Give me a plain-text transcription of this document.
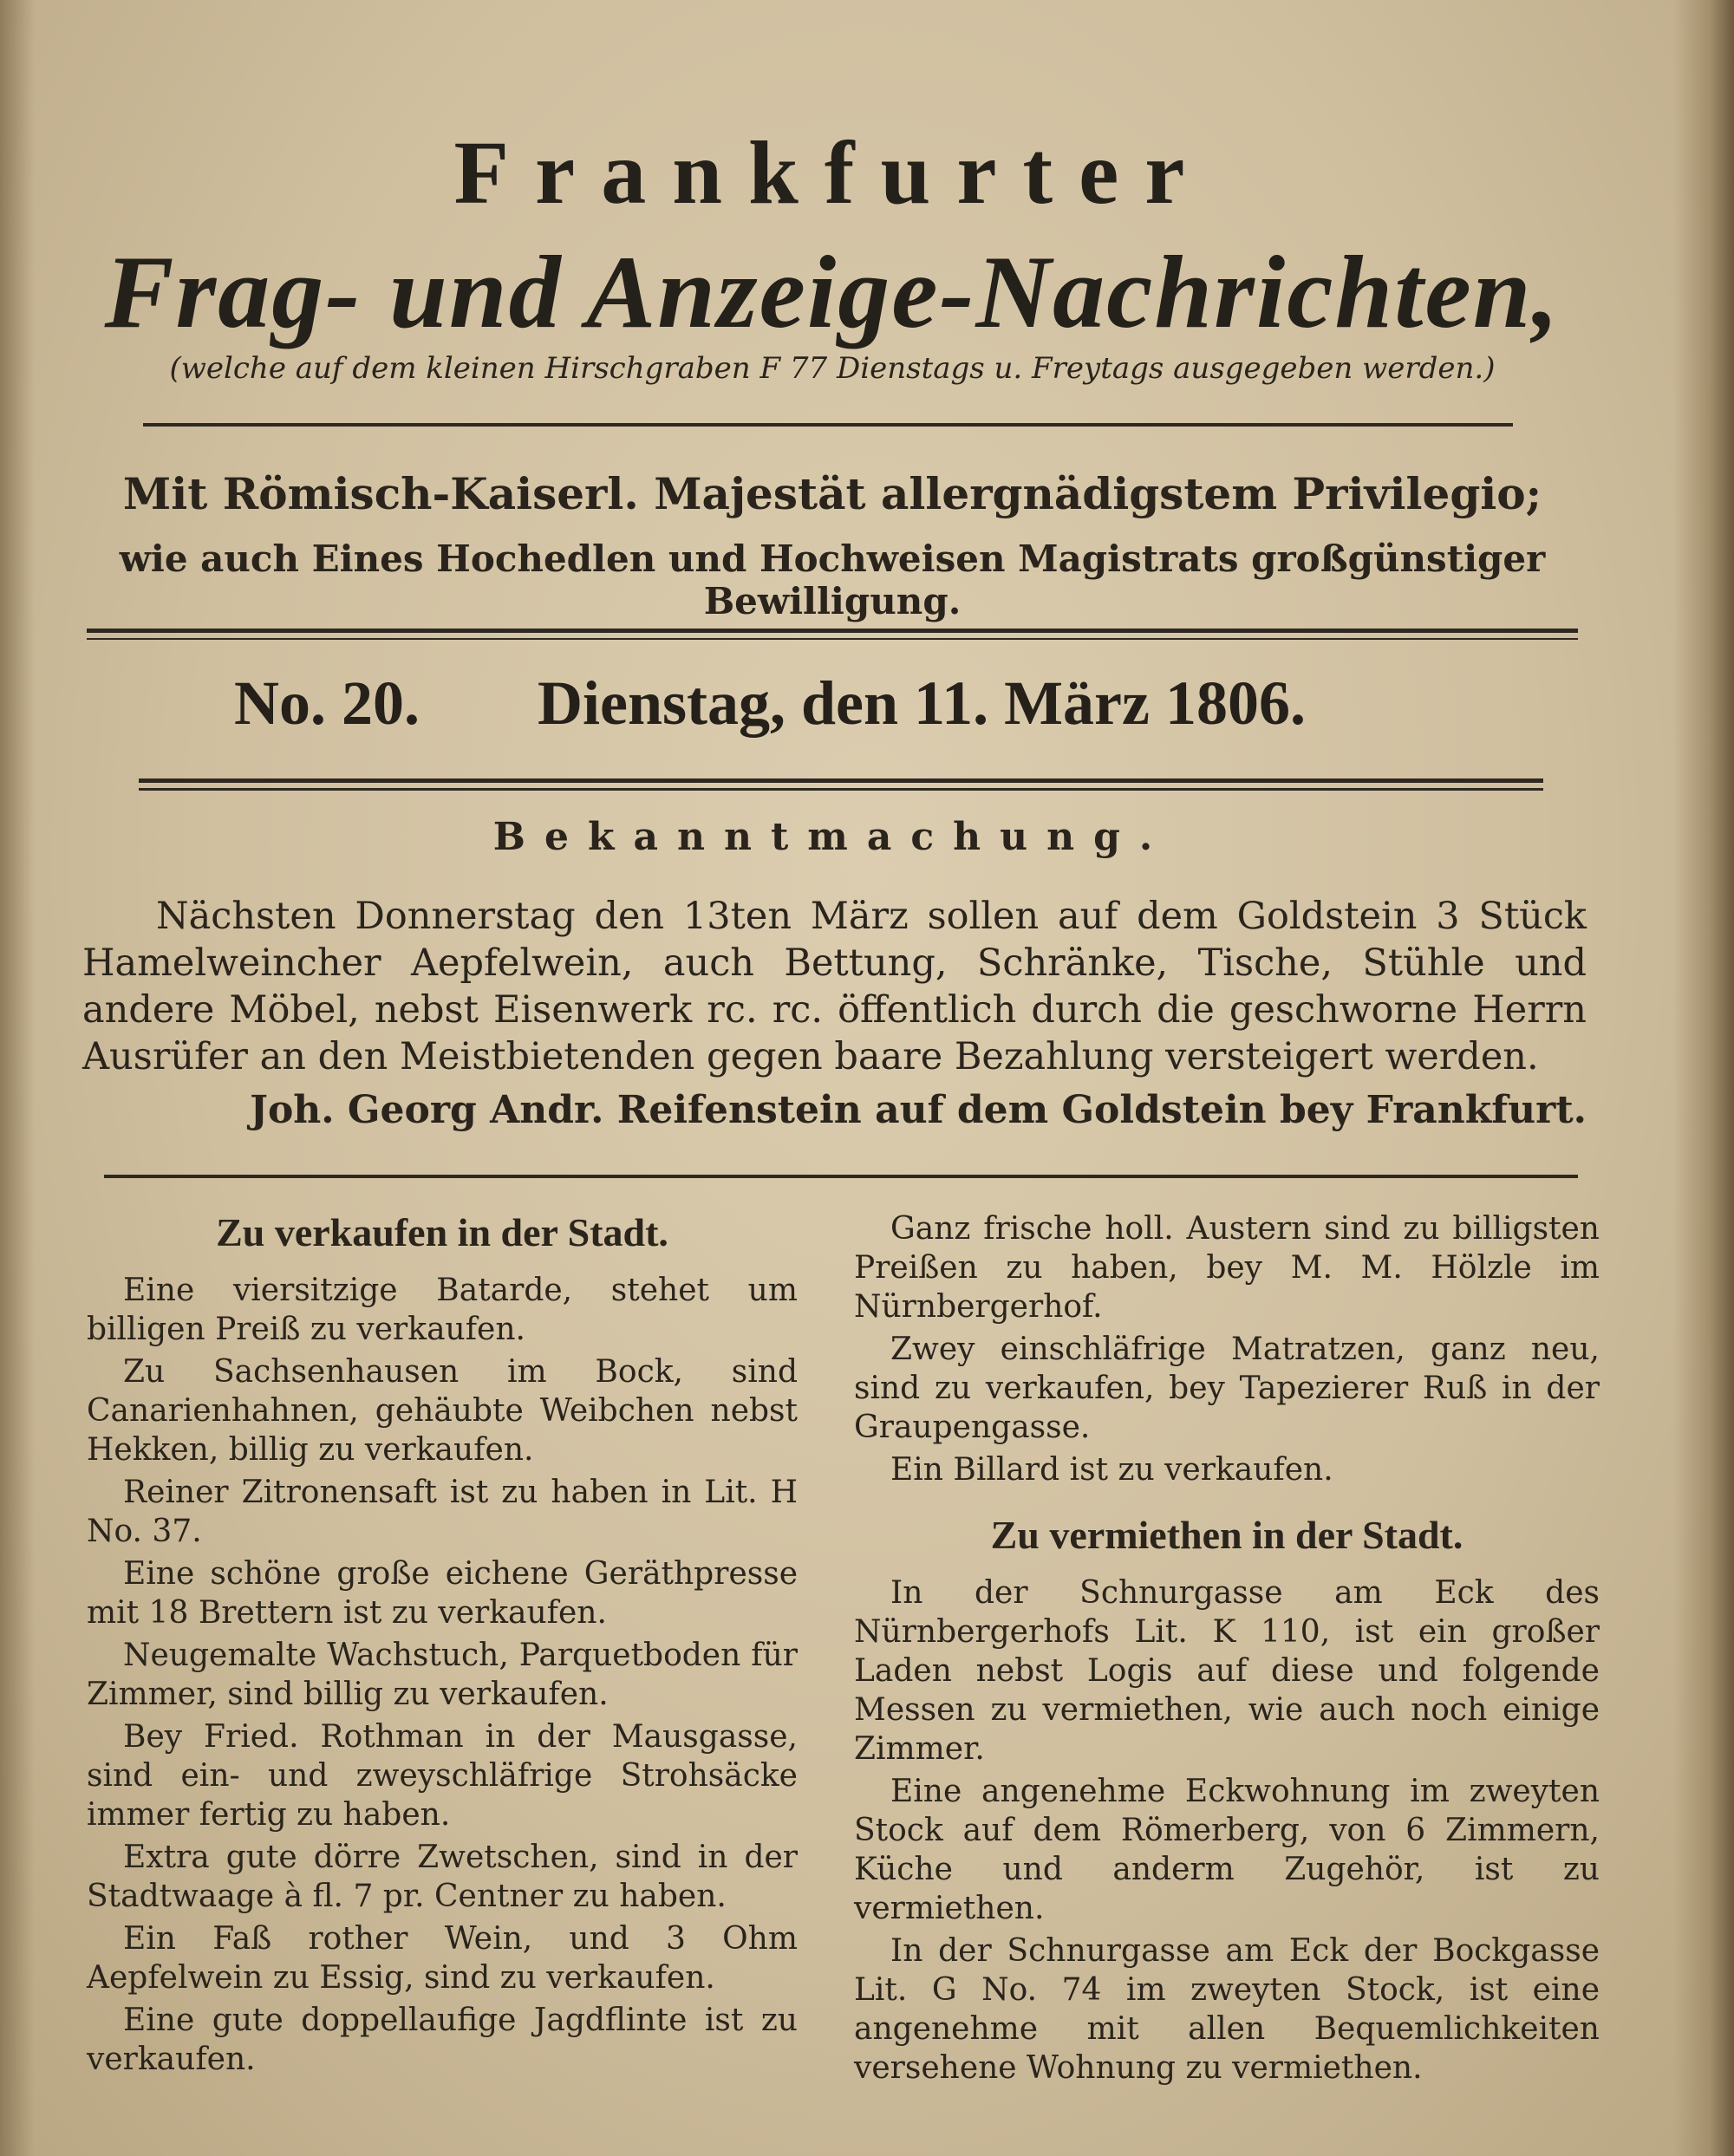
Frankfurter
Frag- und Anzeige-Nachrichten,
(welche auf dem kleinen Hirschgraben F 77 Dienstags u. Freytags ausgegeben werden.)
Mit Römisch-Kaiserl. Majestät allergnädigstem Privilegio;
wie auch Eines Hochedlen und Hochweisen Magistrats großgünstiger Bewilligung.
No. 20. Dienstag, den 11. März 1806.
Bekanntmachung.
Nächsten Donnerstag den 13ten März sollen auf dem Goldstein 3 Stück Hamelweincher Aepfelwein, auch Bettung, Schränke, Tische, Stühle und andere Möbel, nebst Eisenwerk rc. rc. öffentlich durch die geschworne Herrn Ausrüfer an den Meistbietenden gegen baare Bezahlung versteigert werden.
Joh. Georg Andr. Reifenstein auf dem Goldstein bey Frankfurt.
Zu verkaufen in der Stadt.

Eine viersitzige Batarde, stehet um billigen Preiß zu verkaufen.

Zu Sachsenhausen im Bock, sind Canarienhahnen, gehäubte Weibchen nebst Hekken, billig zu verkaufen.

Reiner Zitronensaft ist zu haben in Lit. H No. 37.

Eine schöne große eichene Geräthpresse mit 18 Brettern ist zu verkaufen.

Neugemalte Wachstuch, Parquetboden für Zimmer, sind billig zu verkaufen.

Bey Fried. Rothman in der Mausgasse, sind ein- und zweyschläfrige Strohsäcke immer fertig zu haben.

Extra gute dörre Zwetschen, sind in der Stadtwaage à fl. 7 pr. Centner zu haben.

Ein Faß rother Wein, und 3 Ohm Aepfelwein zu Essig, sind zu verkaufen.

Eine gute doppellaufige Jagdflinte ist zu verkaufen.

Ganz frische holl. Austern sind zu billigsten Preißen zu haben, bey M. M. Hölzle im Nürnbergerhof.

Zwey einschläfrige Matratzen, ganz neu, sind zu verkaufen, bey Tapezierer Ruß in der Graupengasse.

Ein Billard ist zu verkaufen.

Zu vermiethen in der Stadt.

In der Schnurgasse am Eck des Nürnbergerhofs Lit. K 110, ist ein großer Laden nebst Logis auf diese und folgende Messen zu vermiethen, wie auch noch einige Zimmer.

Eine angenehme Eckwohnung im zweyten Stock auf dem Römerberg, von 6 Zimmern, Küche und anderm Zugehör, ist zu vermiethen.

In der Schnurgasse am Eck der Bockgasse Lit. G No. 74 im zweyten Stock, ist eine angenehme mit allen Bequemlichkeiten versehene Wohnung zu vermiethen.
